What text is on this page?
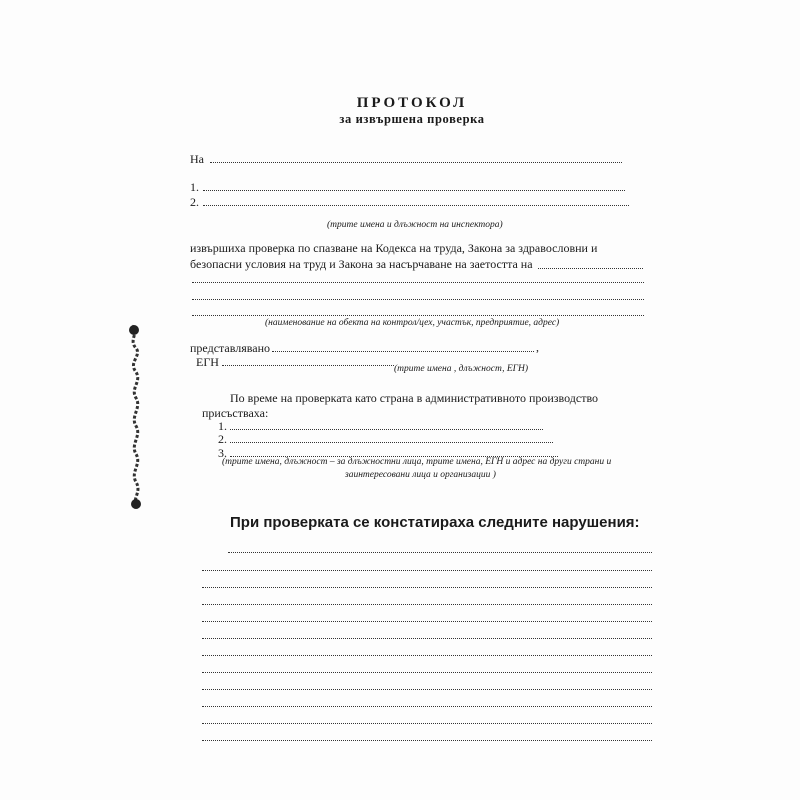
ПРОТОКОЛ
за извършена проверка
На
1.
2.
(трите имена и длъжност на инспектора)
извършиха проверка по спазване на Кодекса на труда, Закона за здравословни и
безопасни условия на труд и Закона за насърчаване на заетостта на
(наименование на обекта на контрол/цех, участък, предприятие, адрес)
представлявано	,
ЕГН	(трите имена , длъжност, ЕГН)
По време на проверката като страна в административното производство
присъстваха:
1.
2.
3.
(трите имена, длъжност – за длъжностни лица, трите имена, ЕГН и адрес на други страни и
заинтересовани лица и организации )
При проверката се констатираха следните нарушения:
